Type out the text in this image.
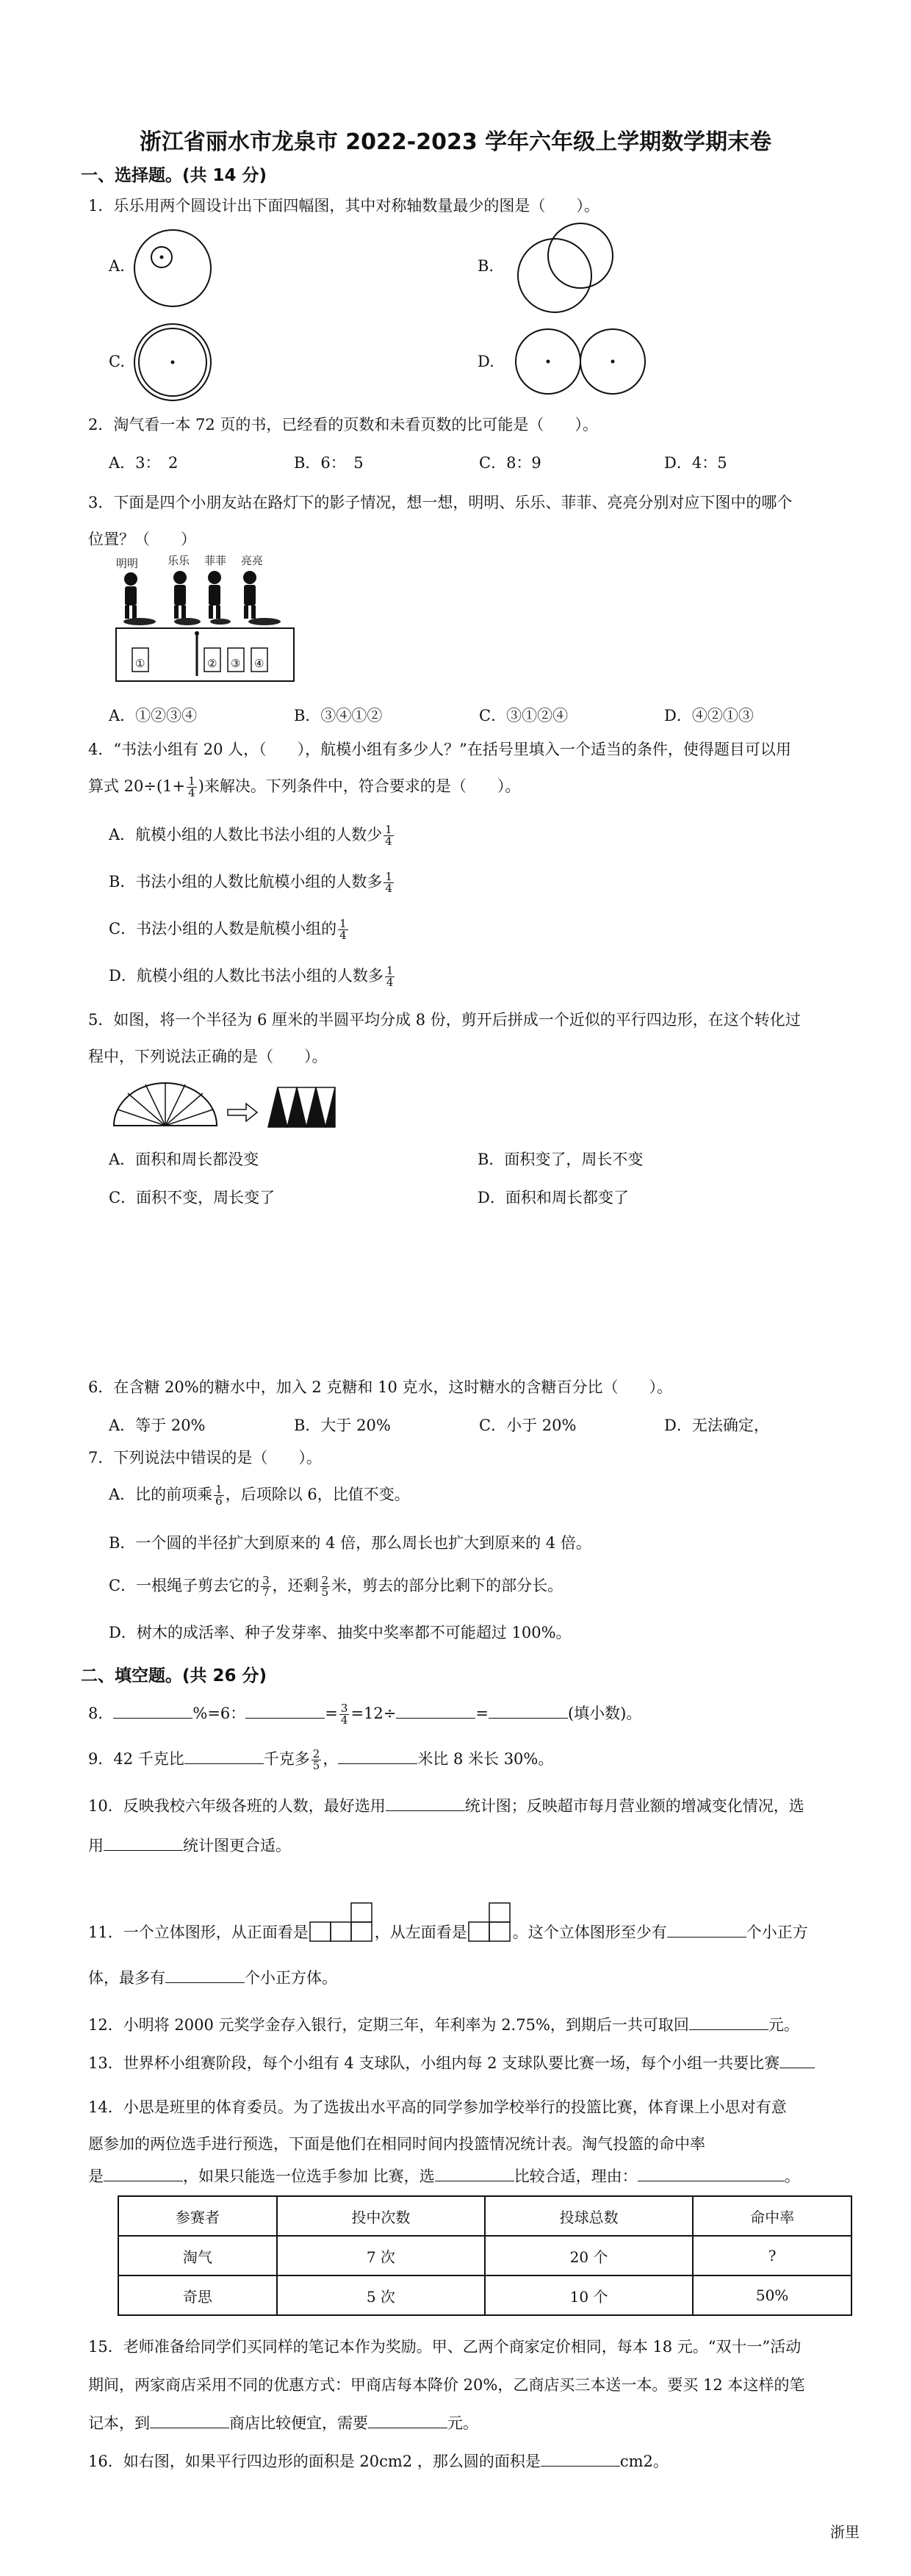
浙江省丽水市龙泉市 2022-2023 学年六年级上学期数学期末卷
一、选择题。(共 14 分)
1．乐乐用两个圆设计出下面四幅图，其中对称轴数量最少的图是（　　）。
A.	B.
C.	D.
2．淘气看一本 72 页的书，已经看的页数和未看页数的比可能是（　　）。
A．3：　2	B．6：　5	C．8：9	D．4：5
3．下面是四个小朋友站在路灯下的影子情况，想一想，明明、乐乐、菲菲、亮亮分别对应下图中的哪个
位置？（　　）
明明	乐乐 菲菲 亮亮
①	② ③ ④
A．①②③④	B．③④①②	C．③①②④	D．④②①③
4．“书法小组有 20 人，（　　），航模小组有多少人？”在括号里填入一个适当的条件，使得题目可以用
算式 $20\div(1+ \frac{1}{4}$ )来解决。下列条件中，符合要求的是（　　）。
A．航模小组的人数比书法小组的人数少 $\frac{1}{4}$
B．书法小组的人数比航模小组的人数多 $\frac{1}{4}$
C．书法小组的人数是航模小组的 $\frac{1}{4}$
D．航模小组的人数比书法小组的人数多 $\frac{1}{4}$
5．如图，将一个半径为 6 厘米的半圆平均分成 8 份，剪开后拼成一个近似的平行四边形，在这个转化过
程中，下列说法正确的是（　　）。
A．面积和周长都没变	B．面积变了，周长不变
C．面积不变，周长变了	D．面积和周长都变了
6．在含糖 20%的糖水中，加入 2 克糖和 10 克水，这时糖水的含糖百分比（　　）。
A．等于 20%	B．大于 20%	C．小于 20%	D．无法确定，
7．下列说法中错误的是（　　）。
A．比的前项乘 $\frac{1}{6}$ ，后项除以 6，比值不变。
B．一个圆的半径扩大到原来的 4 倍，那么周长也扩大到原来的 4 倍。
C．一根绳子剪去它的 $\frac{3}{7}$ ，还剩 $\frac{2}{5}$ 米，剪去的部分比剩下的部分长。
D．树木的成活率、种子发芽率、抽奖中奖率都不可能超过 100%。
二、填空题。(共 26 分)
8．	%=6：	= $\frac{3}{4} =12\div$	=	(填小数)。
9．42 千克比	千克多 $\frac{2}{5}$ ，	米比 8 米长 30%。
10．反映我校六年级各班的人数，最好选用	统计图；反映超市每月营业额的增减变化情况，选
用	统计图更合适。
11．一个立体图形，从正面看是	，从左面看是	。这个立体图形至少有	个小正方
体，最多有	个小正方体。
12．小明将 2000 元奖学金存入银行，定期三年，年利率为 2.75%，到期后一共可取回	元。
13．世界杯小组赛阶段，每个小组有 4 支球队，小组内每 2 支球队要比赛一场，每个小组一共要比赛
14．小思是班里的体育委员。为了选拔出水平高的同学参加学校举行的投篮比赛，体育课上小思对有意
愿参加的两位选手进行预选，下面是他们在相同时间内投篮情况统计表。淘气投篮的命中率
参赛者	投中次数	投球总数	命中率
淘气	7 次	20 个	?
奇思	5 次	10 个	50%
是	，如果只能选一位选手参加 比赛，选	比较合适，理由：	。
15．老师准备给同学们买同样的笔记本作为奖励。甲、乙两个商家定价相同，每本 18 元。“双十一”活动
期间，两家商店采用不同的优惠方式：甲商店每本降价 20%，乙商店买三本送一本。要买 12 本这样的笔
记本，到	商店比较便宜，需要	元。
16．如右图，如果平行四边形的面积是 20cm2 ，那么圆的面积是	cm2。
浙里
